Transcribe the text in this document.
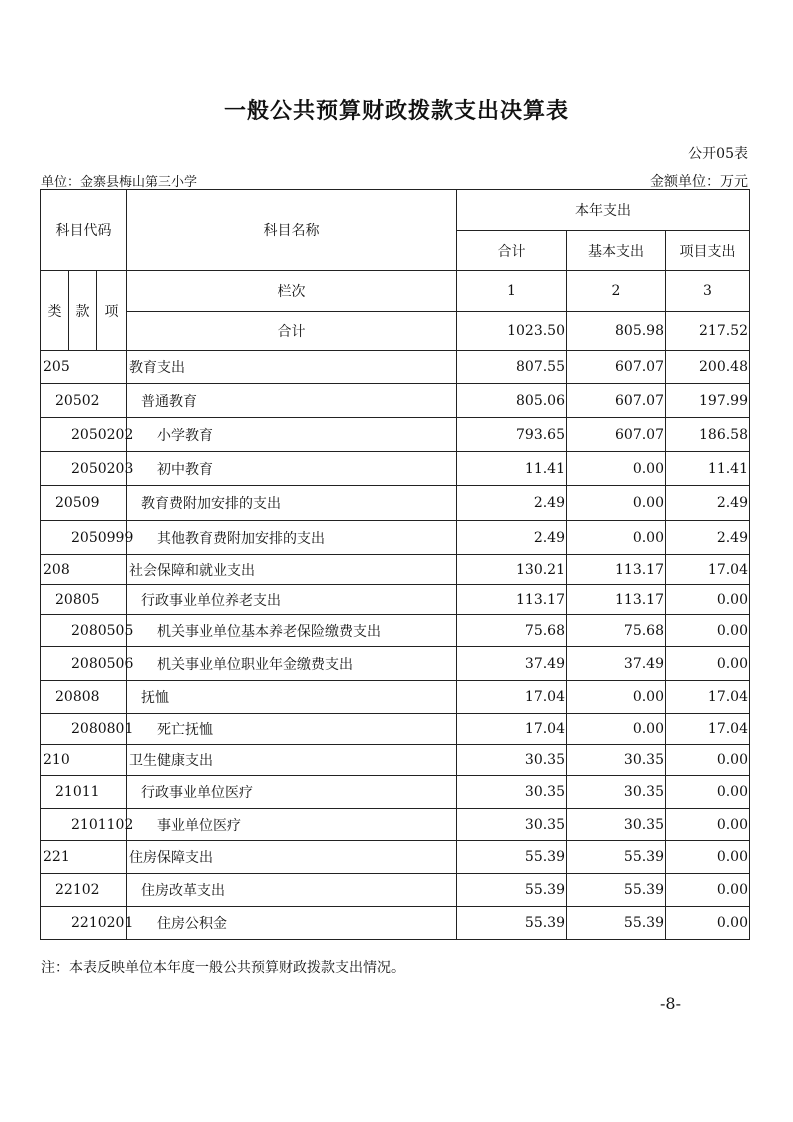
一般公共预算财政拨款支出决算表
公开05表
单位：金寨县梅山第三小学	金额单位：万元
科目代码			科目名称	本年支出		
				合计	基本支出	项目支出
类	款	项	栏次	1	2	3
			合计	1023.50	805.98	217.52
205			教育支出	807.55	607.07	200.48
20502			普通教育	805.06	607.07	197.99
2050202			小学教育	793.65	607.07	186.58
2050203			初中教育	11.41	0.00	11.41
20509			教育费附加安排的支出	2.49	0.00	2.49
2050999			其他教育费附加安排的支出	2.49	0.00	2.49
208			社会保障和就业支出	130.21	113.17	17.04
20805			行政事业单位养老支出	113.17	113.17	0.00
2080505			机关事业单位基本养老保险缴费支出	75.68	75.68	0.00
2080506			机关事业单位职业年金缴费支出	37.49	37.49	0.00
20808			抚恤	17.04	0.00	17.04
2080801			死亡抚恤	17.04	0.00	17.04
210			卫生健康支出	30.35	30.35	0.00
21011			行政事业单位医疗	30.35	30.35	0.00
2101102			事业单位医疗	30.35	30.35	0.00
221			住房保障支出	55.39	55.39	0.00
22102			住房改革支出	55.39	55.39	0.00
2210201			住房公积金	55.39	55.39	0.00
注：本表反映单位本年度一般公共预算财政拨款支出情况。
-8-
